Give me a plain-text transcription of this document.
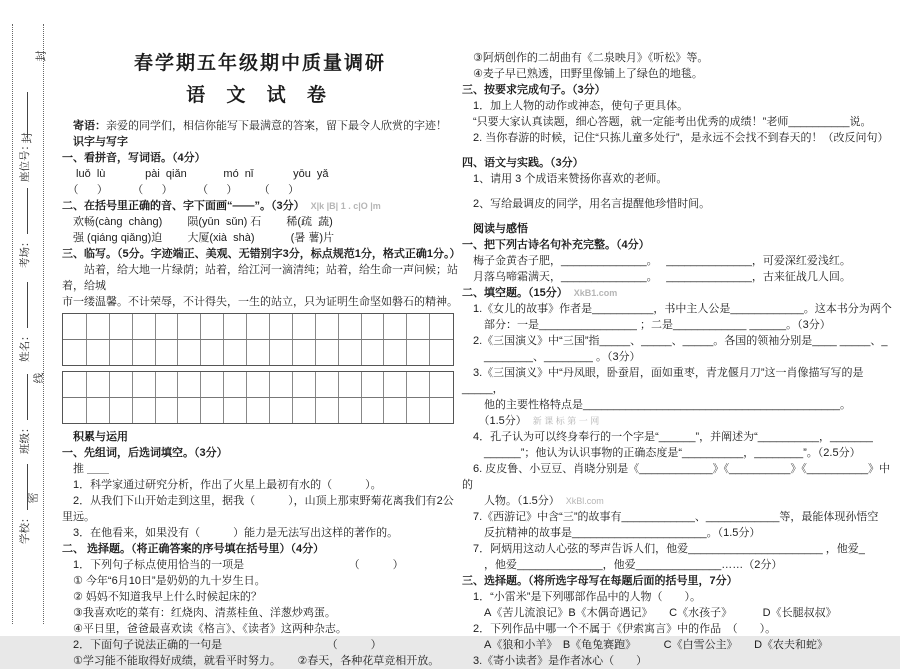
封
封
线
密
座位号：
考场：
姓名：
班级：
学校：
春学期五年级期中质量调研
语 文 试 卷
　寄语：亲爱的同学们，相信你能写下最满意的答案，留下最令人欣赏的字迹！
　识字与写字
一、看拼音，写词语。（4分）
　 luǒ  lù             pài  qiǎn            mó  nǐ             yōu  yǎ
　（      ）        （      ）        （      ）       （      ）
二、在括号里正确的音、字下面画“——”。（3分） X|k |B| 1 . c|O |m
　欢畅(càng  chàng)　　 陨(yūn  sǔn) 石　　 稀(疏  蔬)
　强 (qiáng qiǎng)迫　　 大厦(xià  shà)　　　 (暑 薯)片
三、临写。（5分。字迹端正、美观、无错别字3分，标点规范1分，格式正确1分。）
　　站着，给大地一片绿荫；站着，给江河一滴清纯；站着，给生命一声问候；站着，给城
市一缕温馨。不计荣辱，不计得失，一生的站立，只为证明生命坚如磐石的精神。
　积累与运用
一、先组词，后选词填空。（3分）
　推 ＿＿
　1．科学家通过研究分析，作出了火星上最初有水的（　　　）。
　2．从我们下山开始走到这里，据我（　　　），山顶上那束野菊花离我们有2公里远。
　3．在他看来，如果没有（　　　）能力是无法写出这样的著作的。
二、 选择题。（将正确答案的序号填在括号里）（4分）
　1．下列句子标点使用恰当的一项是　　　　　　　　　　（　　　）
　① 今年“6月10日”是奶奶的九十岁生日。
　② 妈妈不知道我早上什么时候起床的？
　③我喜欢吃的菜有：红烧肉、清蒸桂鱼、洋葱炒鸡蛋。
　④平日里，爸爸最喜欢读《格言》、《读者》这两种杂志。
　2．下面句子说法正确的一句是　　　　　　　　　　（　　　）
　①学习能不能取得好成绩，就看平时努力。　　②春天，各种花草竞相开放。
　③阿炳创作的二胡曲有《二泉映月》《听松》等。
　④麦子早已熟透，田野里像铺上了绿色的地毯。
三、按要求完成句子。（3分）
　1．加上人物的动作或神态，使句子更具体。
　“只要大家认真读题，细心答题，就一定能考出优秀的成绩！”老师__________说。
　2. 当你春游的时候，记住“只拣儿童多处行”，是永远不会找不到春天的！（改反问句）
四、语文与实践。（3分）
　1、请用 3 个成语来赞扬你喜欢的老师。
　2、写给最调皮的同学，用名言提醒他珍惜时间。
　阅读与感悟
一、把下列古诗名句补充完整。（4分）
　梅子金黄杏子肥，______________。　 ______________，可爱深红爱浅红。
　月落乌啼霜满天，______________。　 ______________，古来征战几人回。
二、填空题。（15分） XkB1.com
　1.《女儿的故事》作者是__________，书中主人公是____________。这本书分为两个
　　部分：一是________________ ；二是____________ ______。（3分）
　2.《三国演义》中“三国”指_____、_____、_____。各国的领袖分别是____ _____、_
　　________、________ 。（3分）
　3.《三国演义》中“丹凤眼，卧蚕眉，面如重枣，青龙偃月刀”这一肖像描写写的是_____，
　　他的主要性格特点是__________________________________________。
　　（1.5分） 新 课 标 第 一 网
　4．孔子认为可以终身奉行的一个字是“______”，并阐述为“__________，_______
　　______”；他认为认识事物的正确态度是“__________，________”。（2.5分）
　6. 皮皮鲁、小豆豆、肖晓分别是《____________》《__________》《__________》中的
　　人物。（1.5分） XkBl.com
　7.《西游记》中含“三”的故事有____________、____________等，最能体现孙悟空
　　反抗精神的故事是______________________。（1.5分）
　7．阿炳用这动人心弦的琴声告诉人们，他爱______________________ ，他爱_
　　，他爱______________，他爱______________……（2分）
三、选择题。（将所选字母写在每题后面的括号里，7分）
　1．“小雷米”是下列哪部作品中的人物（　　）。
　　A《苦儿流浪记》B《木偶奇遇记》　　C《水孩子》　　　 D《长腿叔叔》
　2．下列作品中哪一个不属于《伊索寓言》中的作品　（　　）。
　　A《狼和小羊》　B《龟兔赛跑》　　　C《白雪公主》　　D《农夫和蛇》
　3.《寄小读者》是作者冰心（　　）
